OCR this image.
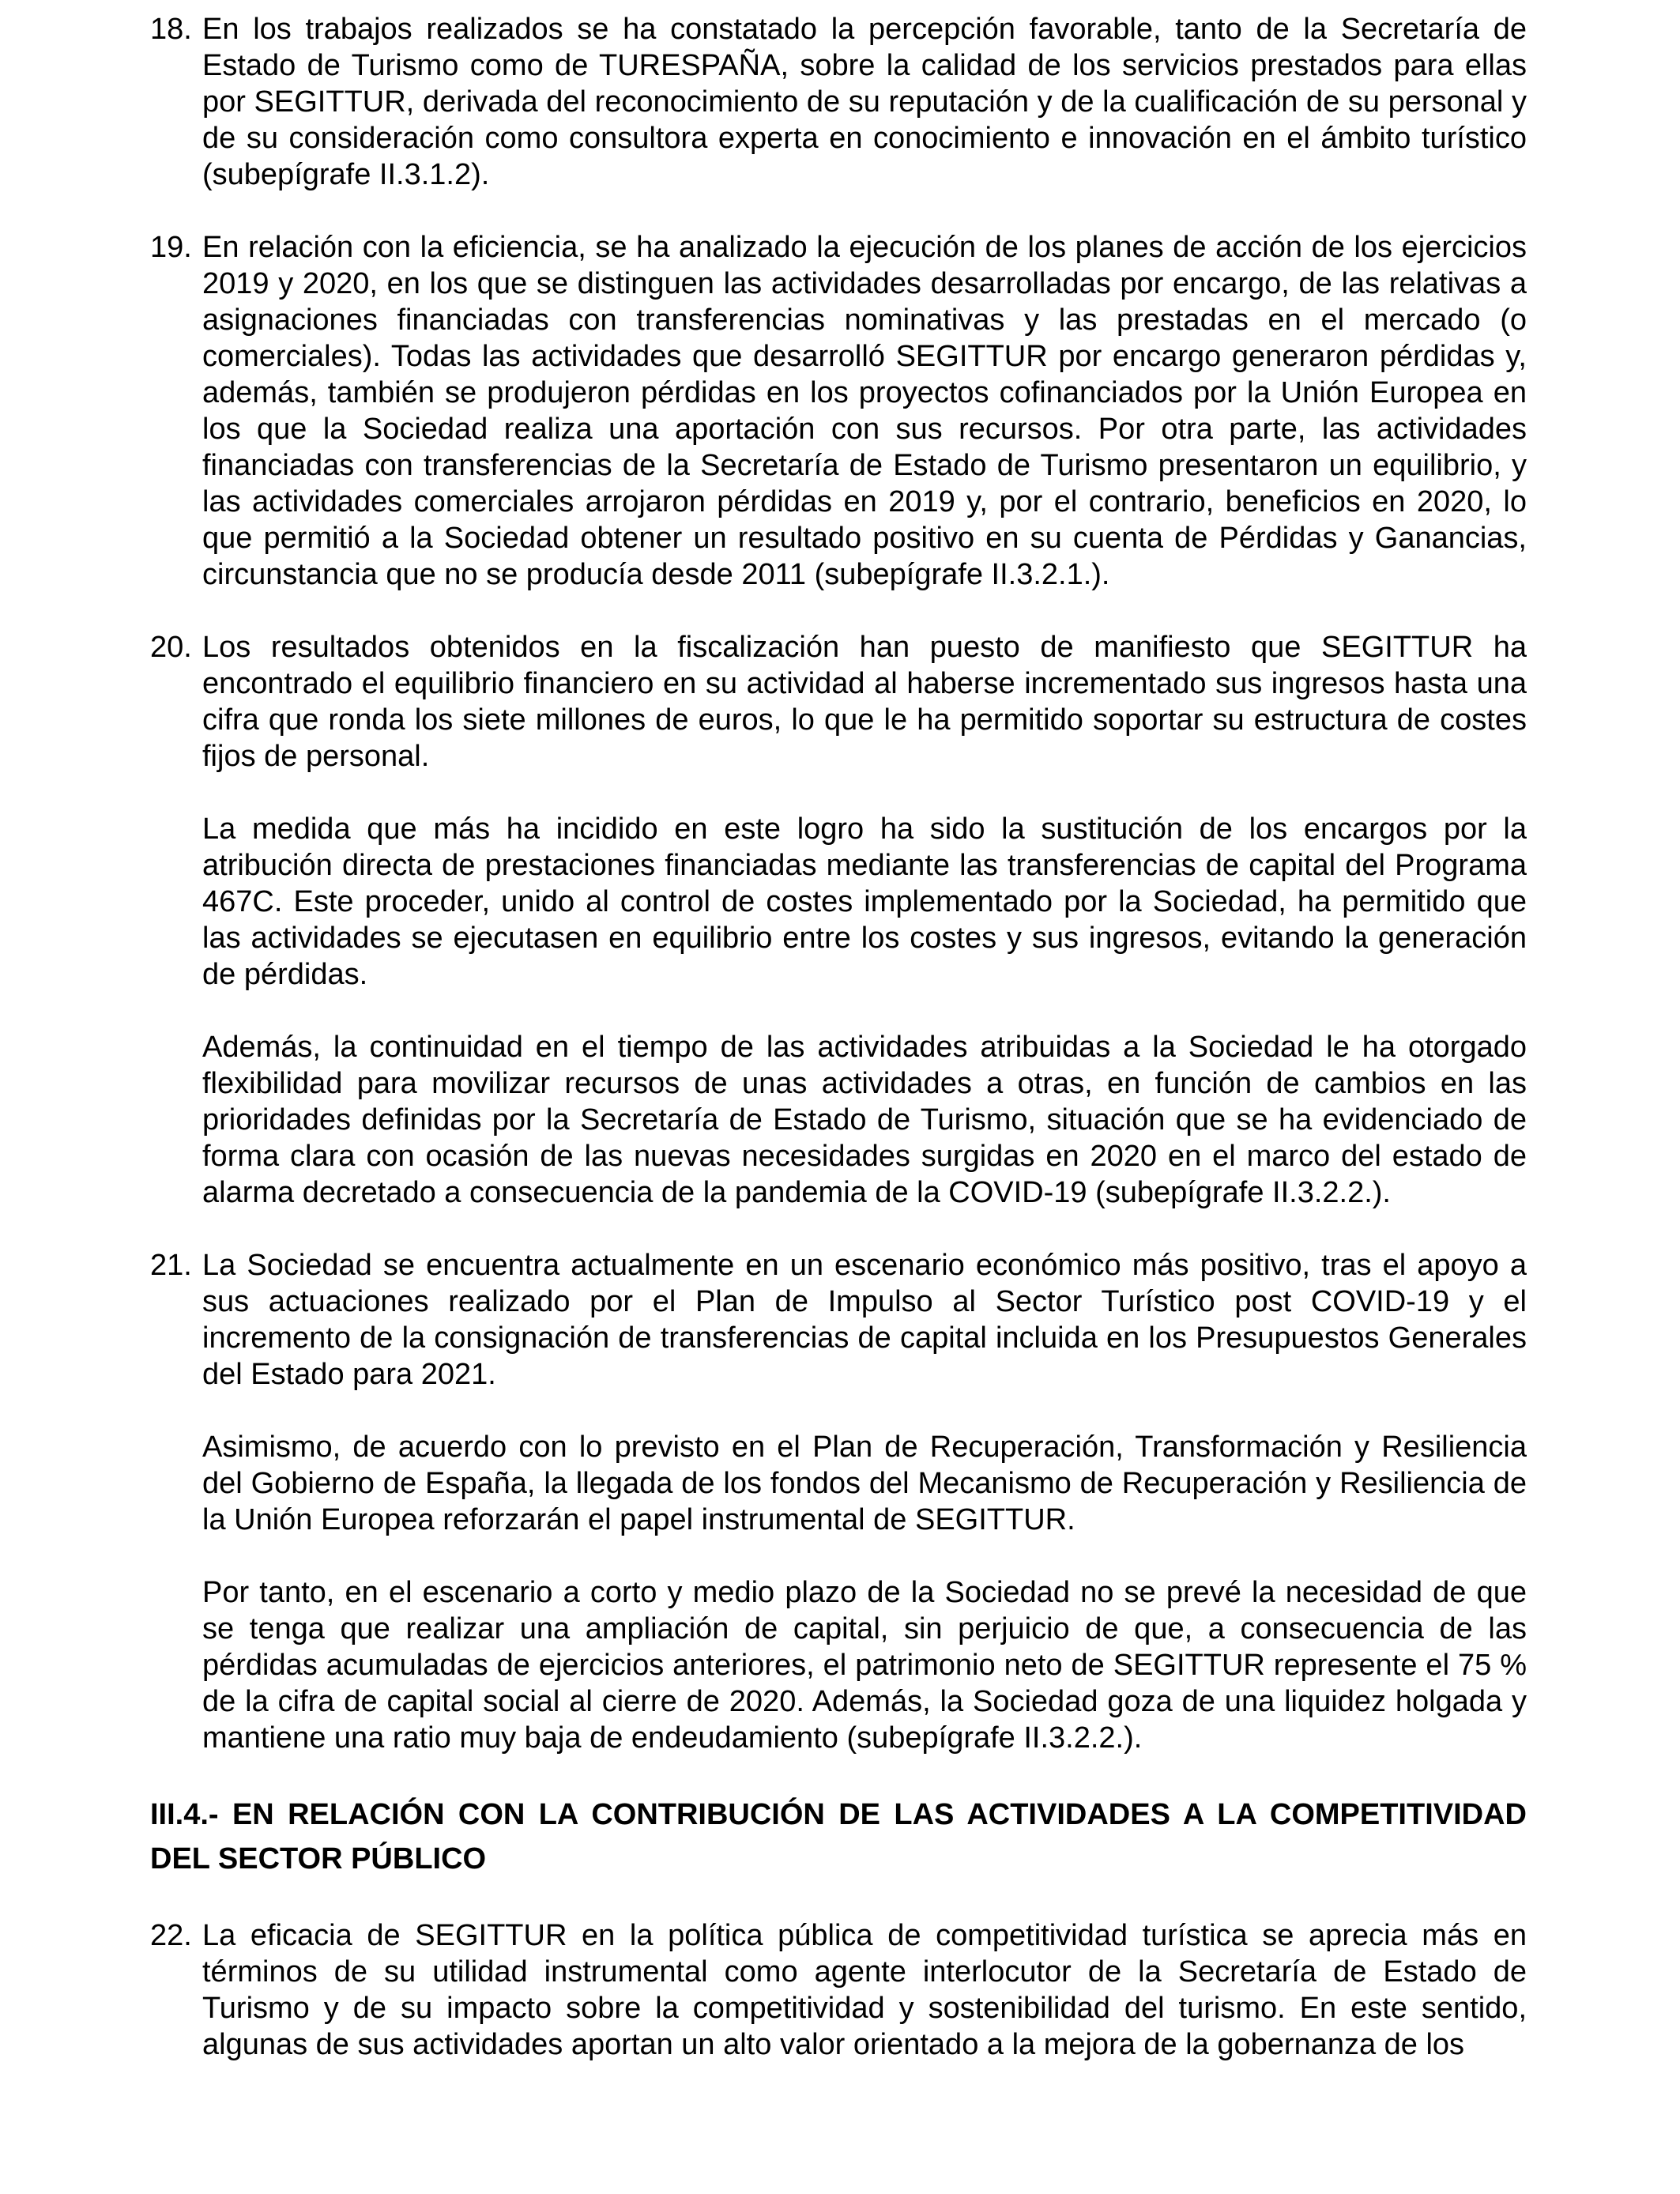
18. En los trabajos realizados se ha constatado la percepción favorable, tanto de la Secretaría de Estado de Turismo como de TURESPAÑA, sobre la calidad de los servicios prestados para ellas por SEGITTUR, derivada del reconocimiento de su reputación y de la cualificación de su personal y de su consideración como consultora experta en conocimiento e innovación en el ámbito turístico (subepígrafe II.3.1.2).

19. En relación con la eficiencia, se ha analizado la ejecución de los planes de acción de los ejercicios 2019 y 2020, en los que se distinguen las actividades desarrolladas por encargo, de las relativas a asignaciones financiadas con transferencias nominativas y las prestadas en el mercado (o comerciales). Todas las actividades que desarrolló SEGITTUR por encargo generaron pérdidas y, además, también se produjeron pérdidas en los proyectos cofinanciados por la Unión Europea en los que la Sociedad realiza una aportación con sus recursos. Por otra parte, las actividades financiadas con transferencias de la Secretaría de Estado de Turismo presentaron un equilibrio, y las actividades comerciales arrojaron pérdidas en 2019 y, por el contrario, beneficios en 2020, lo que permitió a la Sociedad obtener un resultado positivo en su cuenta de Pérdidas y Ganancias, circunstancia que no se producía desde 2011 (subepígrafe II.3.2.1.).

20. Los resultados obtenidos en la fiscalización han puesto de manifiesto que SEGITTUR ha encontrado el equilibrio financiero en su actividad al haberse incrementado sus ingresos hasta una cifra que ronda los siete millones de euros, lo que le ha permitido soportar su estructura de costes fijos de personal.

La medida que más ha incidido en este logro ha sido la sustitución de los encargos por la atribución directa de prestaciones financiadas mediante las transferencias de capital del Programa 467C. Este proceder, unido al control de costes implementado por la Sociedad, ha permitido que las actividades se ejecutasen en equilibrio entre los costes y sus ingresos, evitando la generación de pérdidas.

Además, la continuidad en el tiempo de las actividades atribuidas a la Sociedad le ha otorgado flexibilidad para movilizar recursos de unas actividades a otras, en función de cambios en las prioridades definidas por la Secretaría de Estado de Turismo, situación que se ha evidenciado de forma clara con ocasión de las nuevas necesidades surgidas en 2020 en el marco del estado de alarma decretado a consecuencia de la pandemia de la COVID-19 (subepígrafe II.3.2.2.).

21. La Sociedad se encuentra actualmente en un escenario económico más positivo, tras el apoyo a sus actuaciones realizado por el Plan de Impulso al Sector Turístico post COVID-19 y el incremento de la consignación de transferencias de capital incluida en los Presupuestos Generales del Estado para 2021.

Asimismo, de acuerdo con lo previsto en el Plan de Recuperación, Transformación y Resiliencia del Gobierno de España, la llegada de los fondos del Mecanismo de Recuperación y Resiliencia de la Unión Europea reforzarán el papel instrumental de SEGITTUR.

Por tanto, en el escenario a corto y medio plazo de la Sociedad no se prevé la necesidad de que se tenga que realizar una ampliación de capital, sin perjuicio de que, a consecuencia de las pérdidas acumuladas de ejercicios anteriores, el patrimonio neto de SEGITTUR represente el 75 % de la cifra de capital social al cierre de 2020. Además, la Sociedad goza de una liquidez holgada y mantiene una ratio muy baja de endeudamiento (subepígrafe II.3.2.2.).

III.4.- EN RELACIÓN CON LA CONTRIBUCIÓN DE LAS ACTIVIDADES A LA COMPETITIVIDAD DEL SECTOR PÚBLICO
22. La eficacia de SEGITTUR en la política pública de competitividad turística se aprecia más en términos de su utilidad instrumental como agente interlocutor de la Secretaría de Estado de Turismo y de su impacto sobre la competitividad y sostenibilidad del turismo. En este sentido, algunas de sus actividades aportan un alto valor orientado a la mejora de la gobernanza de los
